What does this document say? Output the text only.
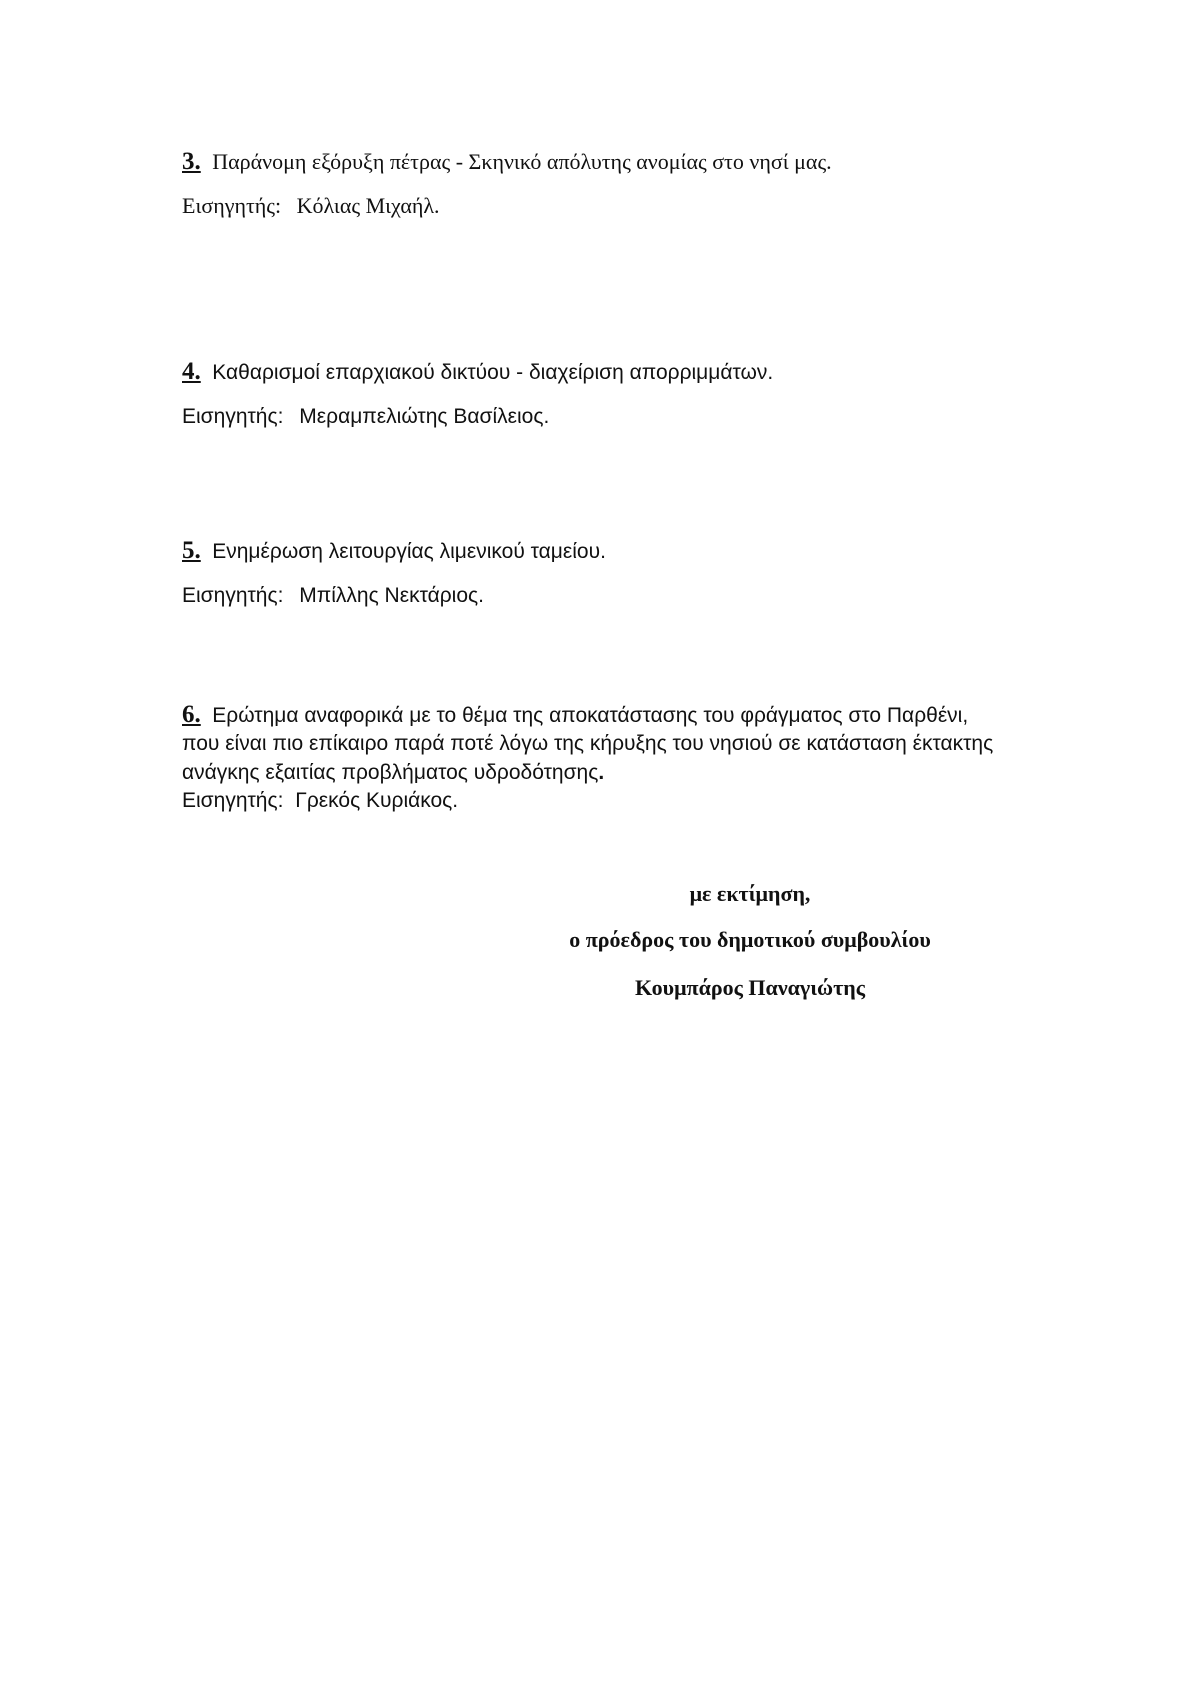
3. Παράνομη εξόρυξη πέτρας - Σκηνικό απόλυτης ανομίας στο νησί μας.
Εισηγητής: Κόλιας Μιχαήλ.
4. Καθαρισμοί επαρχιακού δικτύου - διαχείριση απορριμμάτων.
Εισηγητής: Μεραμπελιώτης Βασίλειος.
5. Ενημέρωση λειτουργίας λιμενικού ταμείου.
Εισηγητής: Μπίλλης Νεκτάριος.
6. Ερώτημα αναφορικά με το θέμα της αποκατάστασης του φράγματος στο Παρθένι,
που είναι πιο επίκαιρο παρά ποτέ λόγω της κήρυξης του νησιού σε κατάσταση έκτακτης
ανάγκης εξαιτίας προβλήματος υδροδότησης.
Εισηγητής: Γρεκός Κυριάκος.
με εκτίμηση,
ο πρόεδρος του δημοτικού συμβουλίου
Κουμπάρος Παναγιώτης
